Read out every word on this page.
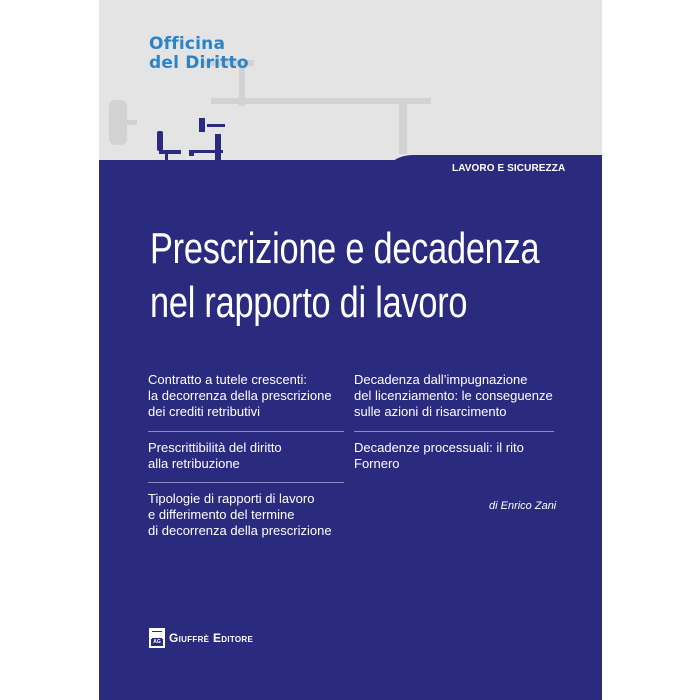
Officina
del Diritto
LAVORO E SICUREZZA
Prescrizione e decadenza
nel rapporto di lavoro
Contratto a tutele crescenti:
la decorrenza della prescrizione
dei crediti retributivi
Prescrittibilità del diritto
alla retribuzione
Tipologie di rapporti di lavoro
e differimento del termine
di decorrenza della prescrizione
Decadenza dall’impugnazione
del licenziamento: le conseguenze
sulle azioni di risarcimento
Decadenze processuali: il rito
Fornero
di Enrico Zani
AG Giuffrè Editore
